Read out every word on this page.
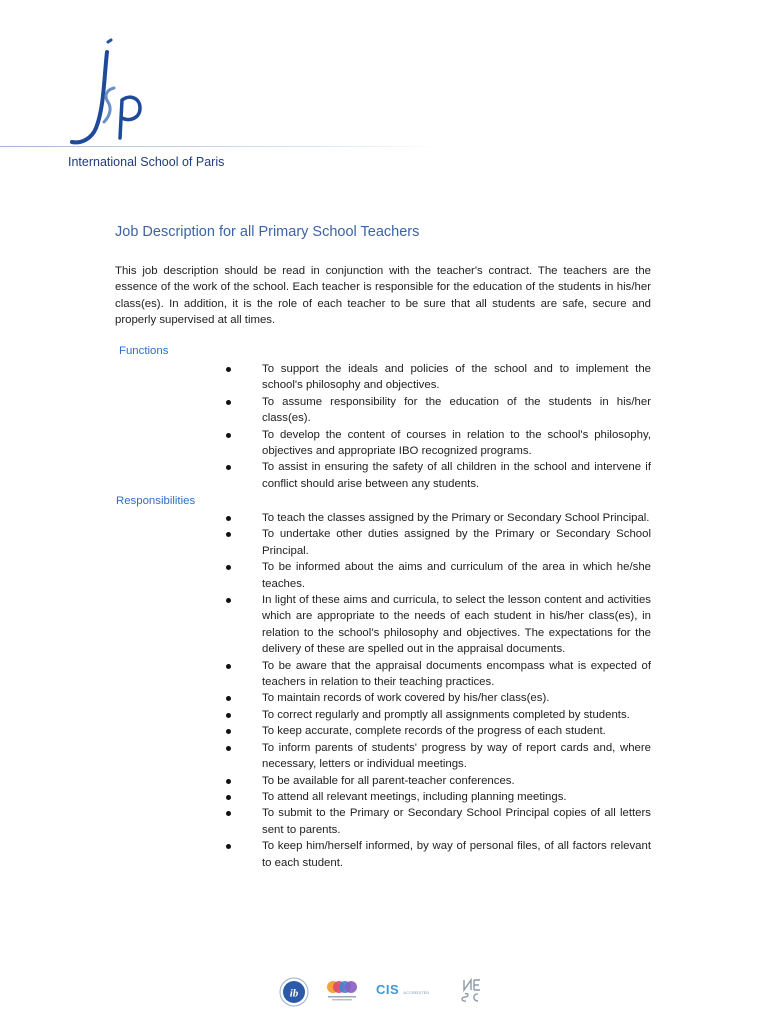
International School of Paris
Job Description for all Primary School Teachers

This job description should be read in conjunction with the teacher's contract. The teachers are the essence of the work of the school. Each teacher is responsible for the education of the students in his/her class(es). In addition, it is the role of each teacher to be sure that all students are safe, secure and properly supervised at all times.

Functions
To support the ideals and policies of the school and to implement the school's philosophy and objectives.
To assume responsibility for the education of the students in his/her class(es).
To develop the content of courses in relation to the school's philosophy, objectives and appropriate IBO recognized programs.
To assist in ensuring the safety of all children in the school and intervene if conflict should arise between any students.
Responsibilities
To teach the classes assigned by the Primary or Secondary School Principal.
To undertake other duties assigned by the Primary or Secondary School Principal.
To be informed about the aims and curriculum of the area in which he/she teaches.
In light of these aims and curricula, to select the lesson content and activities which are appropriate to the needs of each student in his/her class(es), in relation to the school’s philosophy and objectives. The expectations for the delivery of these are spelled out in the appraisal documents.
To be aware that the appraisal documents encompass what is expected of teachers in relation to their teaching practices.
To maintain records of work covered by his/her class(es).
To correct regularly and promptly all assignments completed by students.
To keep accurate, complete records of the progress of each student.
To inform parents of students' progress by way of report cards and, where necessary, letters or individual meetings.
To be available for all parent-teacher conferences.
To attend all relevant meetings, including planning meetings.
To submit to the Primary or Secondary School Principal copies of all letters sent to parents.
To keep him/herself informed, by way of personal files, of all factors relevant to each student.
ib	CIS ACCREDITED
